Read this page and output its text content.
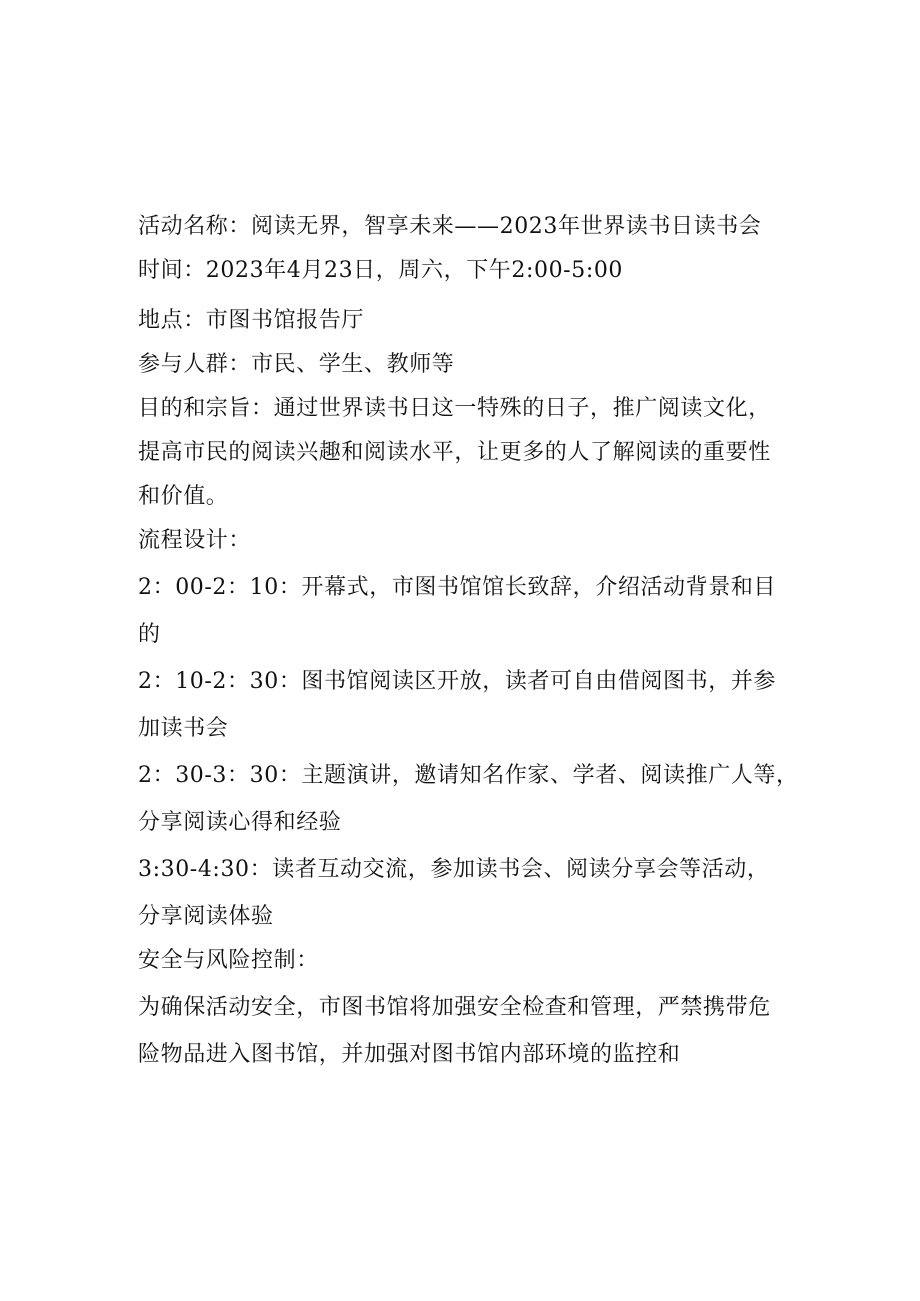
活动名称：阅读无界，智享未来——2023年世界读书日读书会
时间：2023年4月23日，周六，下午2:00-5:00
地点：市图书馆报告厅
参与人群：市民、学生、教师等
目的和宗旨：通过世界读书日这一特殊的日子，推广阅读文化，
提高市民的阅读兴趣和阅读水平，让更多的人了解阅读的重要性
和价值。
流程设计：
2：00-2：10：开幕式，市图书馆馆长致辞，介绍活动背景和目
的
2：10-2：30：图书馆阅读区开放，读者可自由借阅图书，并参
加读书会
2：30-3：30：主题演讲，邀请知名作家、学者、阅读推广人等，
分享阅读心得和经验
3:30-4:30：读者互动交流，参加读书会、阅读分享会等活动，
分享阅读体验
安全与风险控制：
为确保活动安全，市图书馆将加强安全检查和管理，严禁携带危
险物品进入图书馆，并加强对图书馆内部环境的监控和
